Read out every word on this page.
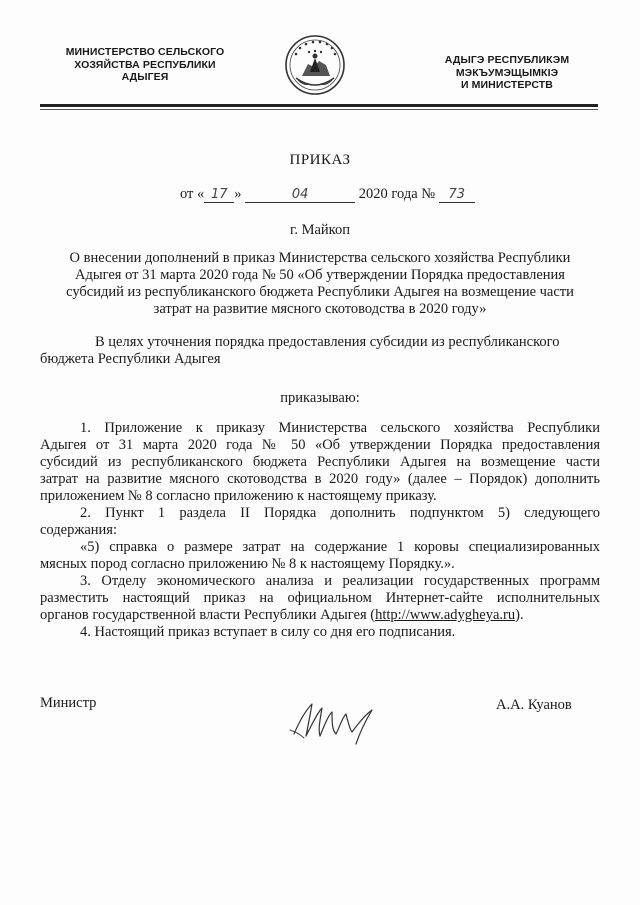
МИНИСТЕРСТВО СЕЛЬСКОГО
ХОЗЯЙСТВА РЕСПУБЛИКИ
АДЫГЕЯ
АДЫГЭ РЕСПУБЛИКЭМ
МЭКЪУМЭЩЫМКIЭ
И МИНИСТЕРСТВ
ПРИКАЗ
от « 17 »	04	2020 года № 73
г. Майкоп
О внесении дополнений в приказ Министерства сельского хозяйства Республики
Адыгея от 31 марта 2020 года № 50 «Об утверждении Порядка предоставления
субсидий из республиканского бюджета Республики Адыгея на возмещение части
затрат на развитие мясного скотоводства в 2020 году»
В целях уточнения порядка предоставления субсидии из республиканского
бюджета Республики Адыгея
приказываю:
1. Приложение к приказу Министерства сельского хозяйства Республики
Адыгея от 31 марта 2020 года № 50 «Об утверждении Порядка предоставления
субсидий из республиканского бюджета Республики Адыгея на возмещение части
затрат на развитие мясного скотоводства в 2020 году» (далее – Порядок) дополнить
приложением № 8 согласно приложению к настоящему приказу.
2. Пункт 1 раздела II Порядка дополнить подпунктом 5) следующего
содержания:
«5) справка о размере затрат на содержание 1 коровы специализированных
мясных пород согласно приложению № 8 к настоящему Порядку.».
3. Отделу экономического анализа и реализации государственных программ
разместить настоящий приказ на официальном Интернет-сайте исполнительных
органов государственной власти Республики Адыгея (http://www.adygheya.ru).
4. Настоящий приказ вступает в силу со дня его подписания.
Министр	А.А. Куанов
